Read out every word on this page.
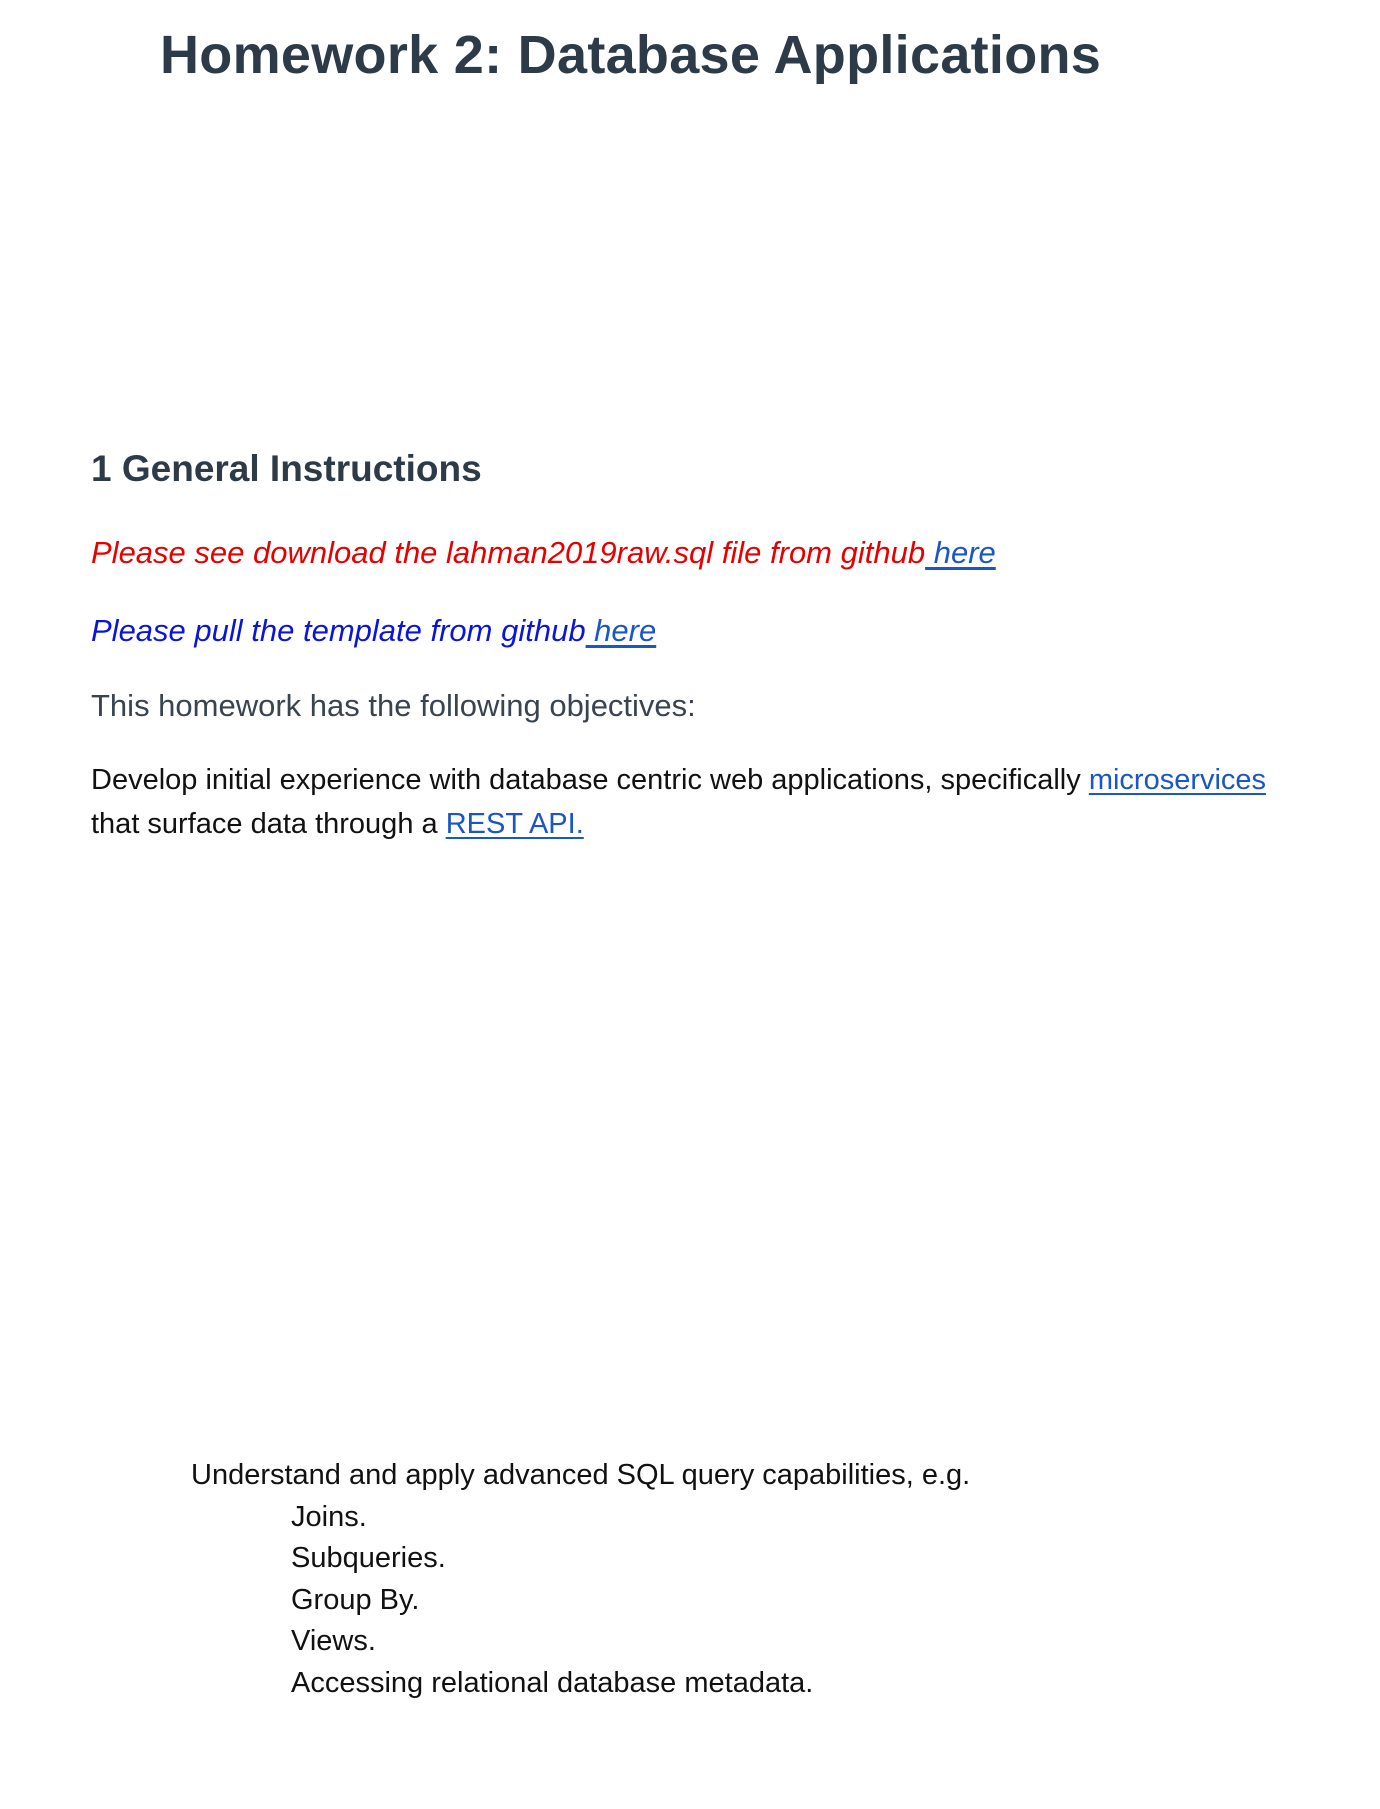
Homework 2: Database Applications
1 General Instructions

Please see download the lahman2019raw.sql file from github here

Please pull the template from github here

This homework has the following objectives:

Develop initial experience with database centric web applications, specifically microservices that surface data through a REST API.

Understand and apply advanced SQL query capabilities, e.g.

Joins.
Subqueries.
Group By.
Views.
Accessing relational database metadata.
